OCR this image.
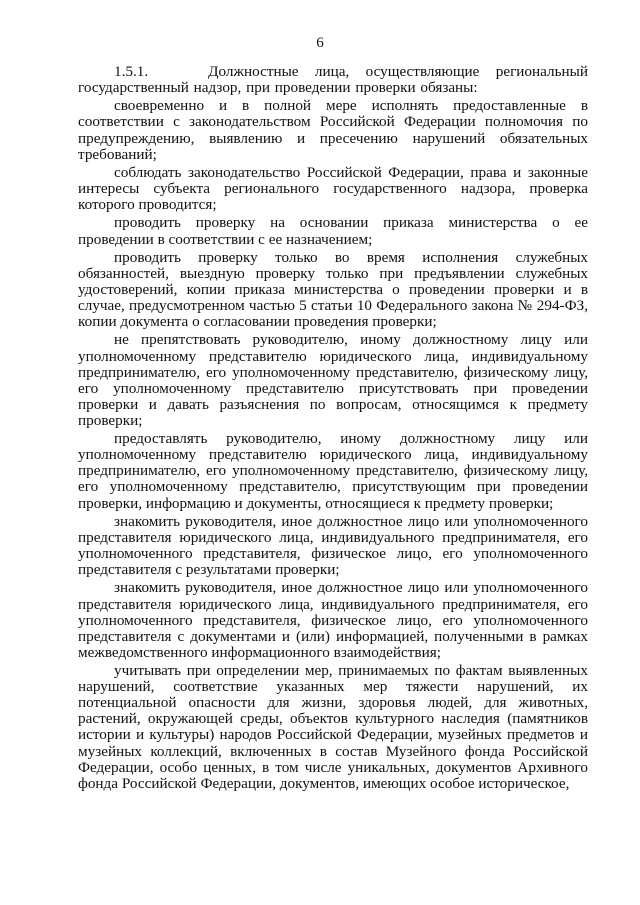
6

1.5.1.	Должностные лица, осуществляющие региональный государственный надзор, при проведении проверки обязаны:

своевременно и в полной мере исполнять предоставленные в соответствии с законодательством Российской Федерации полномочия по предупреждению, выявлению и пресечению нарушений обязательных требований;

соблюдать законодательство Российской Федерации, права и законные интересы субъекта регионального государственного надзора, проверка которого проводится;

проводить проверку на основании приказа министерства о ее проведении в соответствии с ее назначением;

проводить проверку только во время исполнения служебных обязанностей, выездную проверку только при предъявлении служебных удостоверений, копии приказа министерства о проведении проверки и в случае, предусмотренном частью 5 статьи 10 Федерального закона № 294-ФЗ, копии документа о согласовании проведения проверки;

не препятствовать руководителю, иному должностному лицу или уполномоченному представителю юридического лица, индивидуальному предпринимателю, его уполномоченному представителю, физическому лицу, его уполномоченному представителю присутствовать при проведении проверки и давать разъяснения по вопросам, относящимся к предмету проверки;

предоставлять руководителю, иному должностному лицу или уполномоченному представителю юридического лица, индивидуальному предпринимателю, его уполномоченному представителю, физическому лицу, его уполномоченному представителю, присутствующим при проведении проверки, информацию и документы, относящиеся к предмету проверки;

знакомить руководителя, иное должностное лицо или уполномоченного представителя юридического лица, индивидуального предпринимателя, его уполномоченного представителя, физическое лицо, его уполномоченного представителя с результатами проверки;

знакомить руководителя, иное должностное лицо или уполномоченного представителя юридического лица, индивидуального предпринимателя, его уполномоченного представителя, физическое лицо, его уполномоченного представителя с документами и (или) информацией, полученными в рамках межведомственного информационного взаимодействия;

учитывать при определении мер, принимаемых по фактам выявленных нарушений, соответствие указанных мер тяжести нарушений, их потенциальной опасности для жизни, здоровья людей, для животных, растений, окружающей среды, объектов культурного наследия (памятников истории и культуры) народов Российской Федерации, музейных предметов и музейных коллекций, включенных в состав Музейного фонда Российской Федерации, особо ценных, в том числе уникальных, документов Архивного фонда Российской Федерации, документов, имеющих особое историческое,
